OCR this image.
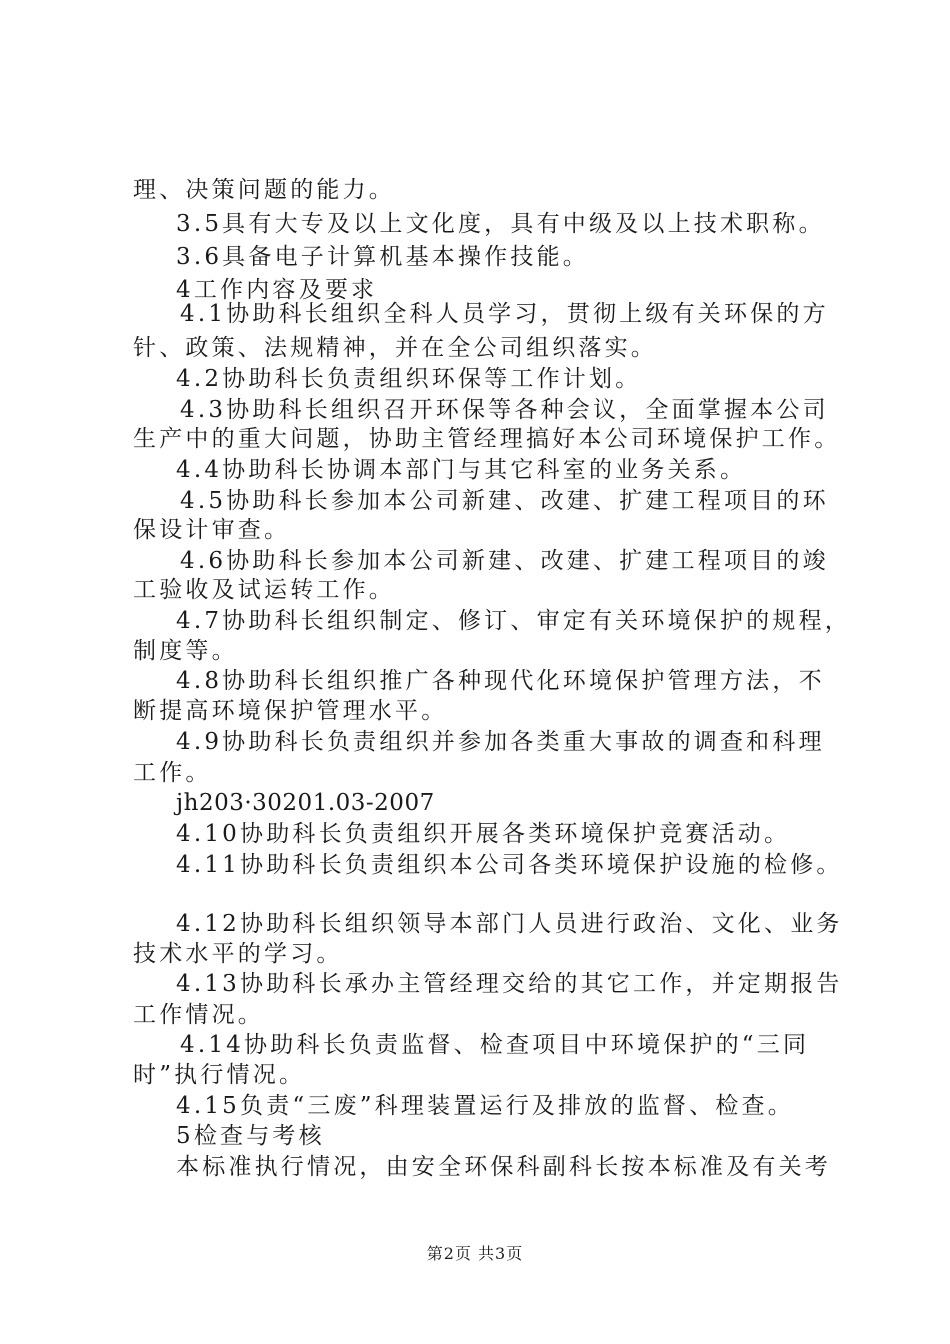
理、决策问题的能力。
3.5具有大专及以上文化度，具有中级及以上技术职称。
3.6具备电子计算机基本操作技能。
4工作内容及要求
4.1协助科长组织全科人员学习，贯彻上级有关环保的方
针、政策、法规精神，并在全公司组织落实。
4.2协助科长负责组织环保等工作计划。
4.3协助科长组织召开环保等各种会议，全面掌握本公司
生产中的重大问题，协助主管经理搞好本公司环境保护工作。
4.4协助科长协调本部门与其它科室的业务关系。
4.5协助科长参加本公司新建、改建、扩建工程项目的环
保设计审查。
4.6协助科长参加本公司新建、改建、扩建工程项目的竣
工验收及试运转工作。
4.7协助科长组织制定、修订、审定有关环境保护的规程，
制度等。
4.8协助科长组织推广各种现代化环境保护管理方法，不
断提高环境保护管理水平。
4.9协助科长负责组织并参加各类重大事故的调查和科理
工作。
jh203·30201.03-2007
4.10协助科长负责组织开展各类环境保护竞赛活动。
4.11协助科长负责组织本公司各类环境保护设施的检修。
4.12协助科长组织领导本部门人员进行政治、文化、业务
技术水平的学习。
4.13协助科长承办主管经理交给的其它工作，并定期报告
工作情况。
4.14协助科长负责监督、检查项目中环境保护的“三同
时”执行情况。
4.15负责“三废”科理装置运行及排放的监督、检查。
5检查与考核
本标准执行情况，由安全环保科副科长按本标准及有关考
第2页 共3页
